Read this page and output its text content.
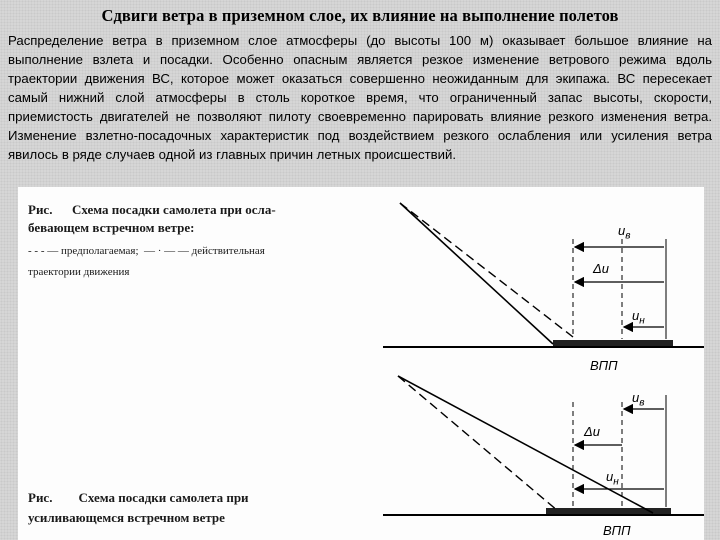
Сдвиги ветра в приземном слое, их влияние на выполнение полетов
Распределение ветра в приземном слое атмосферы (до высоты 100 м) оказывает большое влияние на выполнение взлета и посадки. Особенно опасным является резкое изменение ветрового режима вдоль траектории движения ВС, которое может оказаться совершенно неожиданным для экипажа. ВС пересекает самый нижний слой атмосферы в столь короткое время, что ограниченный запас высоты, скорости, приемистость двигателей не позволяют пилоту своевременно парировать влияние резкого изменения ветра. Изменение взлетно-посадочных характеристик под воздействием резкого ослабления или усиления ветра явилось в ряде случаев одной из главных причин летных происшествий.
Рис. Схема посадки самолета при осла-
бевающем встречном ветре:
- - - — предполагаемая;  — · — — действительная
траектории движения
Рис. Схема посадки самолета при
усиливающемся встречном ветре
$u_в$
Δu
$u_н$
ВПП
$u_в$
Δu
$u_н$
ВПП
